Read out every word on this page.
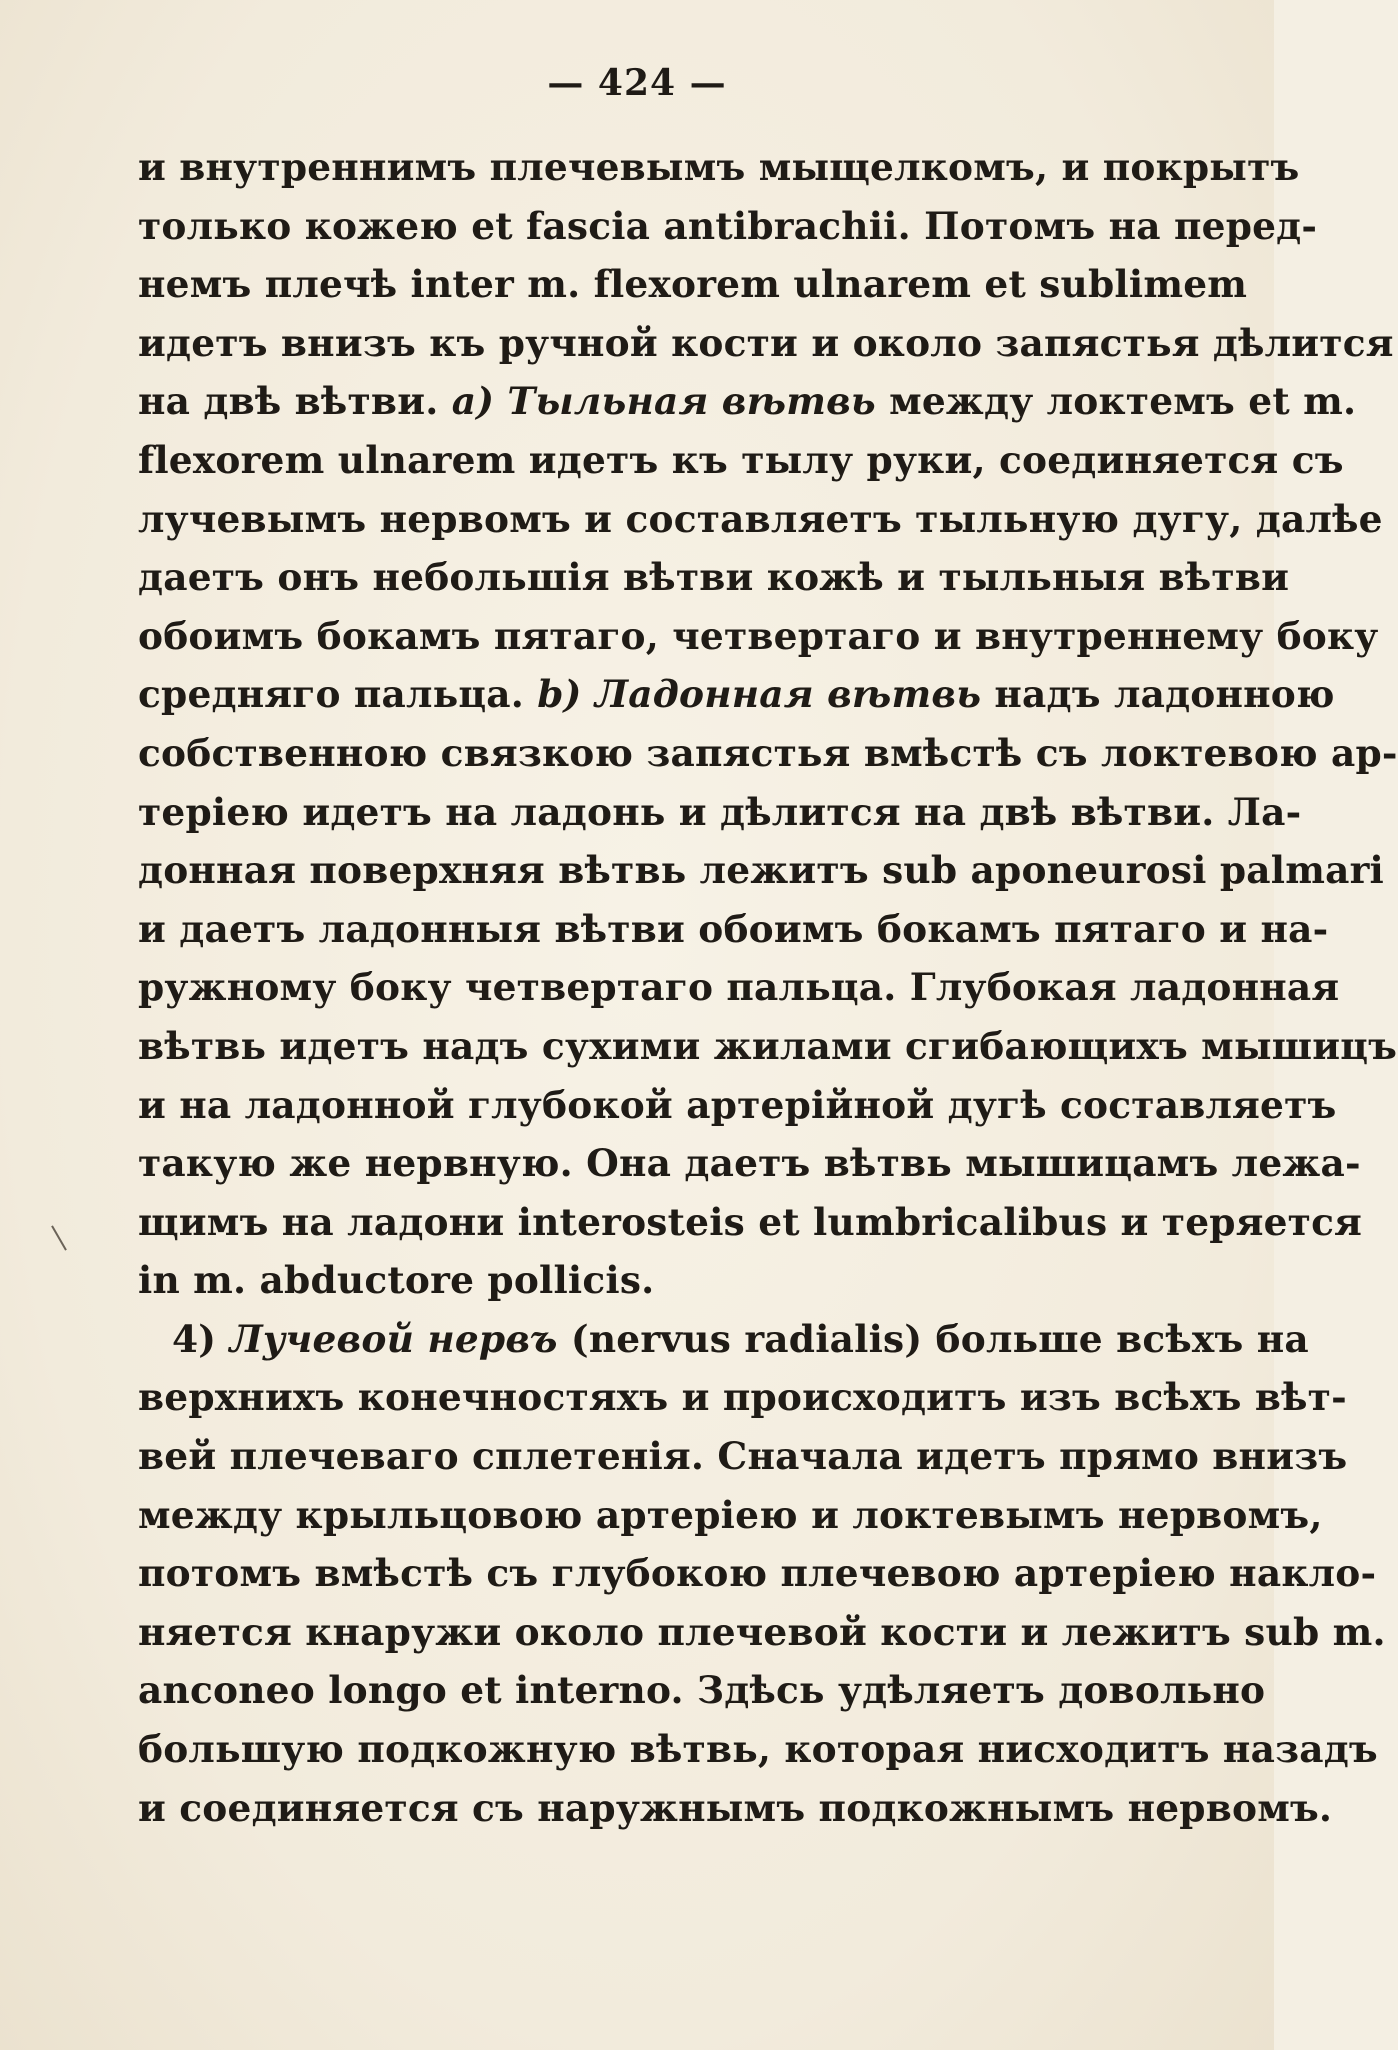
— 424 —
и внутреннимъ плечевымъ мыщелкомъ, и покрытъ
только кожею et fascia antibrachii. Потомъ на перед-
немъ плечѣ inter m. flexorem ulnarem et sublimem
идетъ внизъ къ ручной кости и около запястья дѣлится
на двѣ вѣтви. a) Тыльная вѣтвь между локтемъ et m.
flexorem ulnarem идетъ къ тылу руки, соединяется съ
лучевымъ нервомъ и составляетъ тыльную дугу, далѣе
даетъ онъ небольшія вѣтви кожѣ и тыльныя вѣтви
обоимъ бокамъ пятаго, четвертаго и внутреннему боку
средняго пальца. b) Ладонная вѣтвь надъ ладонною
собственною связкою запястья вмѣстѣ съ локтевою ар-
теріею идетъ на ладонь и дѣлится на двѣ вѣтви. Ла-
донная поверхняя вѣтвь лежитъ sub aponeurosi palmari
и даетъ ладонныя вѣтви обоимъ бокамъ пятаго и на-
ружному боку четвертаго пальца. Глубокая ладонная
вѣтвь идетъ надъ сухими жилами сгибающихъ мышицъ
и на ладонной глубокой артерійной дугѣ составляетъ
такую же нервную. Она даетъ вѣтвь мышицамъ лежа-
щимъ на ладони interosteis et lumbricalibus и теряется
in m. abductore pollicis.
4) Лучевой нервъ (nervus radialis) больше всѣхъ на
верхнихъ конечностяхъ и происходитъ изъ всѣхъ вѣт-
вей плечеваго сплетенія. Сначала идетъ прямо внизъ
между крыльцовою артеріею и локтевымъ нервомъ,
потомъ вмѣстѣ съ глубокою плечевою артеріею накло-
няется кнаружи около плечевой кости и лежитъ sub m.
anconeo longo et interno. Здѣсь удѣляетъ довольно
большую подкожную вѣтвь, которая нисходитъ назадъ
и соединяется съ наружнымъ подкожнымъ нервомъ.
